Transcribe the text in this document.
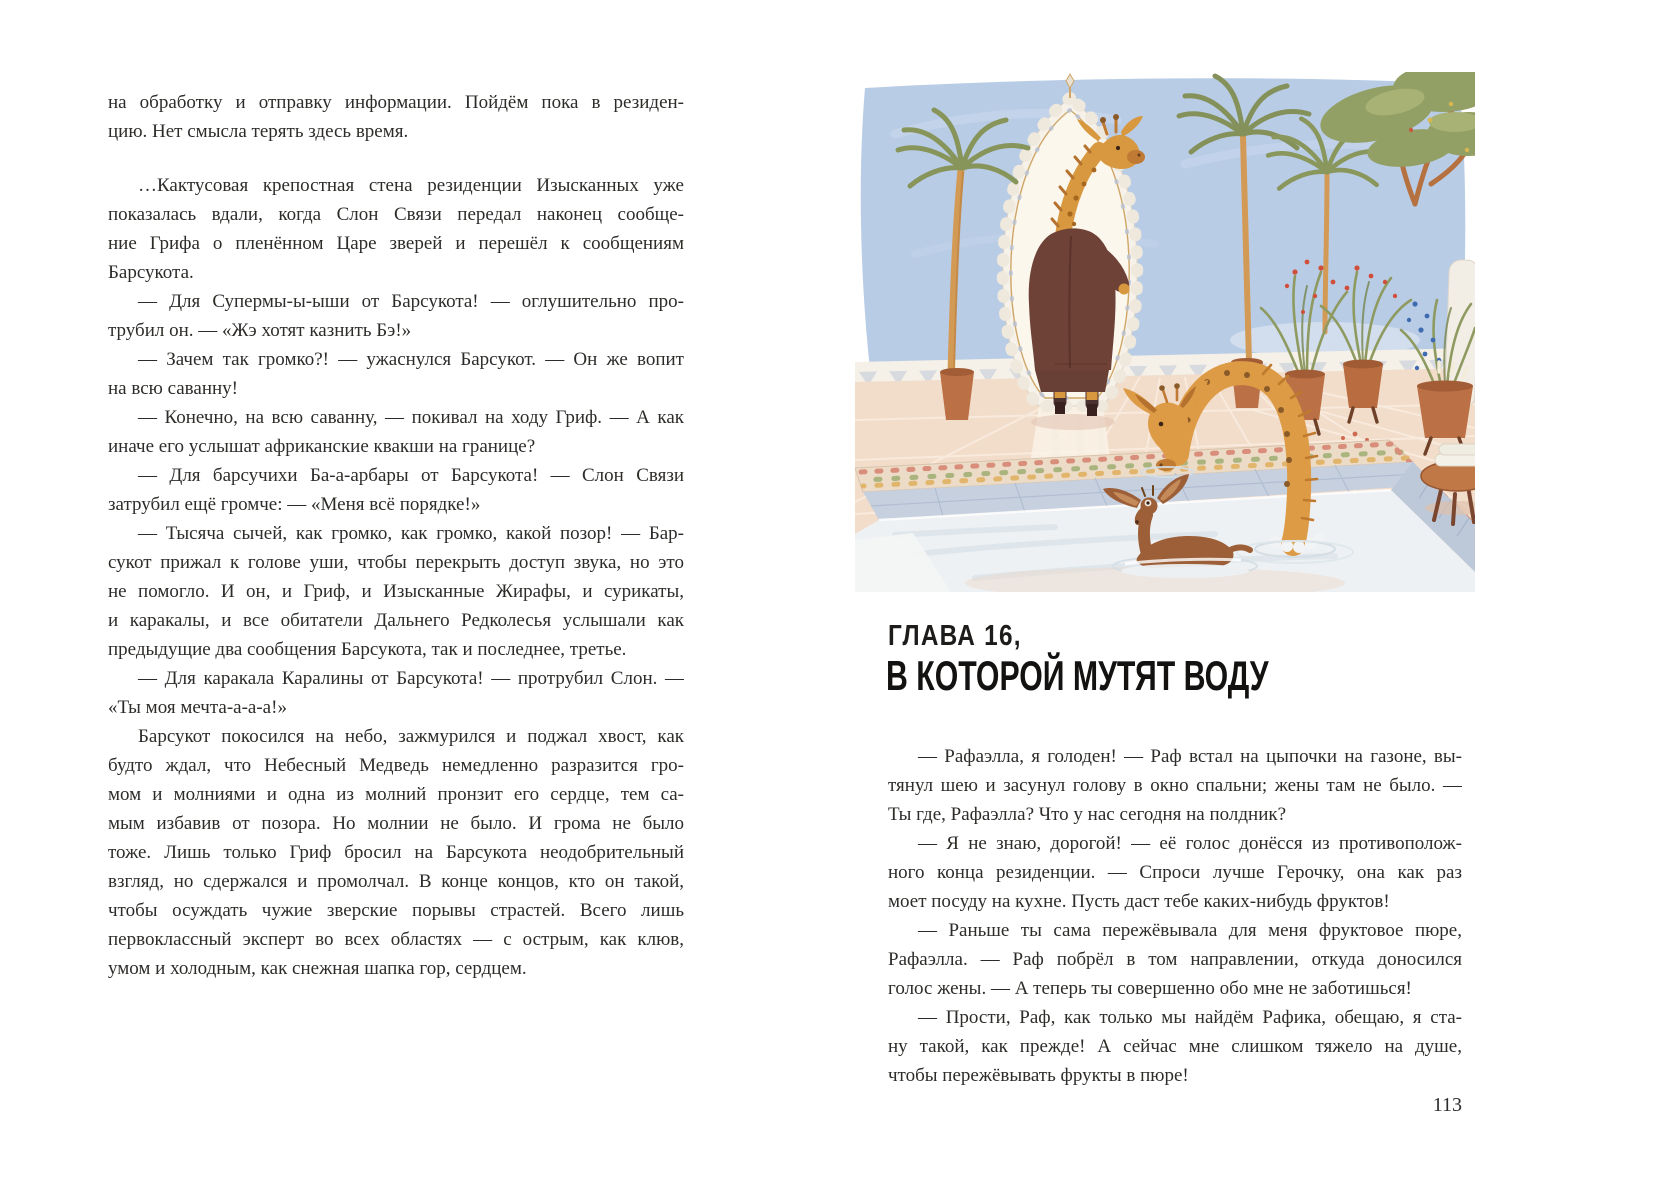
на обработку и отправку информации. Пойдём пока в резиден-
цию. Нет смысла терять здесь время.

…Кактусовая крепостная стена резиденции Изысканных уже
показалась вдали, когда Слон Связи передал наконец сообще-
ние Грифа о пленённом Царе зверей и перешёл к сообщениям
Барсукота.

— Для Супермы-ы-ыши от Барсукота! — оглушительно про-
трубил он. — «Жэ хотят казнить Бэ!»

— Зачем так громко?! — ужаснулся Барсукот. — Он же вопит
на всю саванну!

— Конечно, на всю саванну, — покивал на ходу Гриф. — А как
иначе его услышат африканские квакши на границе?

— Для барсучихи Ба-а-арбары от Барсукота! — Слон Связи
затрубил ещё громче: — «Меня всё порядке!»

— Тысяча сычей, как громко, как громко, какой позор! — Бар-
сукот прижал к голове уши, чтобы перекрыть доступ звука, но это
не помогло. И он, и Гриф, и Изысканные Жирафы, и сурикаты,
и каракалы, и все обитатели Дальнего Редколесья услышали как
предыдущие два сообщения Барсукота, так и последнее, третье.

— Для каракала Каралины от Барсукота! — протрубил Слон. —
«Ты моя мечта-а-а-а!»

Барсукот покосился на небо, зажмурился и поджал хвост, как
будто ждал, что Небесный Медведь немедленно разразится гро-
мом и молниями и одна из молний пронзит его сердце, тем са-
мым избавив от позора. Но молнии не было. И грома не было
тоже. Лишь только Гриф бросил на Барсукота неодобрительный
взгляд, но сдержался и промолчал. В конце концов, кто он такой,
чтобы осуждать чужие зверские порывы страстей. Всего лишь
первоклассный эксперт во всех областях — с острым, как клюв,
умом и холодным, как снежная шапка гор, сердцем.

ГЛАВА 16,
В КОТОРОЙ МУТЯТ ВОДУ

— Рафаэлла, я голоден! — Раф встал на цыпочки на газоне, вы-
тянул шею и засунул голову в окно спальни; жены там не было. —
Ты где, Рафаэлла? Что у нас сегодня на полдник?

— Я не знаю, дорогой! — её голос донёсся из противополож-
ного конца резиденции. — Спроси лучше Герочку, она как раз
моет посуду на кухне. Пусть даст тебе каких-нибудь фруктов!

— Раньше ты сама пережёвывала для меня фруктовое пюре,
Рафаэлла. — Раф побрёл в том направлении, откуда доносился
голос жены. — А теперь ты совершенно обо мне не заботишься!

— Прости, Раф, как только мы найдём Рафика, обещаю, я ста-
ну такой, как прежде! А сейчас мне слишком тяжело на душе,
чтобы пережёвывать фрукты в пюре!

113
